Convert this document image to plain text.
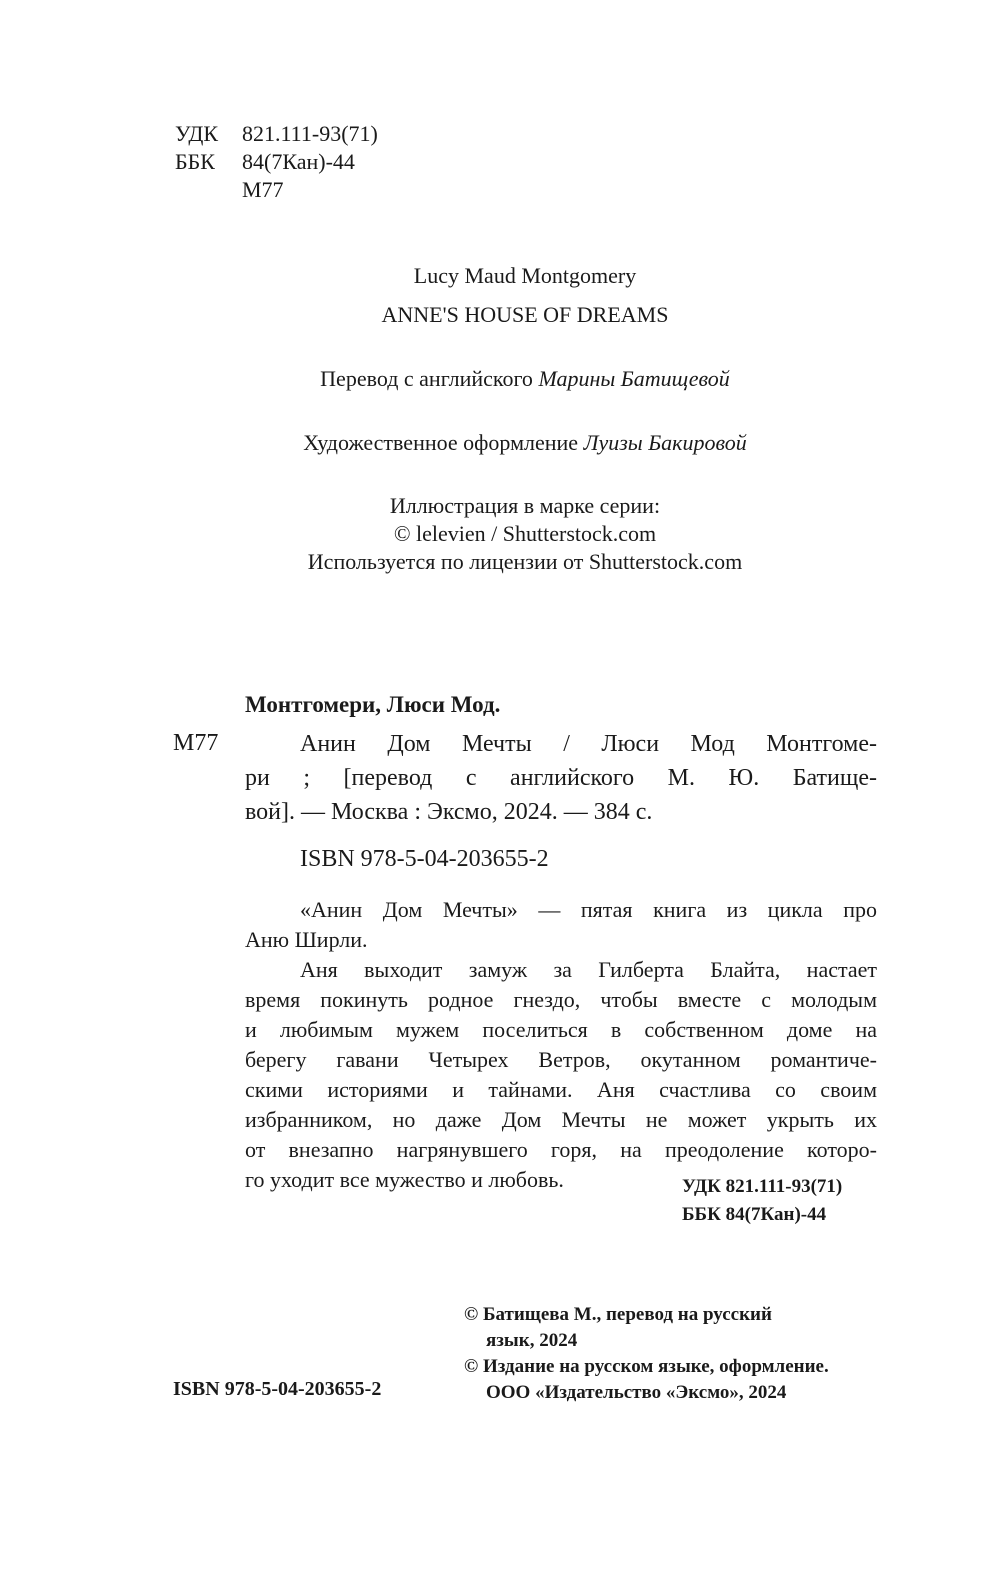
УДК	821.111-93(71)
ББК	84(7Кан)-44
М77
Lucy Maud Montgomery
ANNE'S HOUSE OF DREAMS
Перевод с английского Марины Батищевой
Художественное оформление Луизы Бакировой
Иллюстрация в марке серии:
© lelevien / Shutterstock.com
Используется по лицензии от Shutterstock.com
Монтгомери, Люси Мод.
М77	Анин Дом Мечты / Люси Мод Монтгоме-
ри ; [перевод с английского М. Ю. Батище-
вой]. — Москва : Эксмо, 2024. — 384 с.
ISBN 978-5-04-203655-2
«Анин Дом Мечты» — пятая книга из цикла про
Аню Ширли.
Аня выходит замуж за Гилберта Блайта, настает
время покинуть родное гнездо, чтобы вместе с молодым
и любимым мужем поселиться в собственном доме на
берегу гавани Четырех Ветров, окутанном романтиче-
скими историями и тайнами. Аня счастлива со своим
избранником, но даже Дом Мечты не может укрыть их
от внезапно нагрянувшего горя, на преодоление которо-
го уходит все мужество и любовь.	УДК 821.111-93(71)
ББК 84(7Кан)-44
© Батищева М., перевод на русский
язык, 2024
© Издание на русском языке, оформление.
ООО «Издательство «Эксмо», 2024
ISBN 978-5-04-203655-2
